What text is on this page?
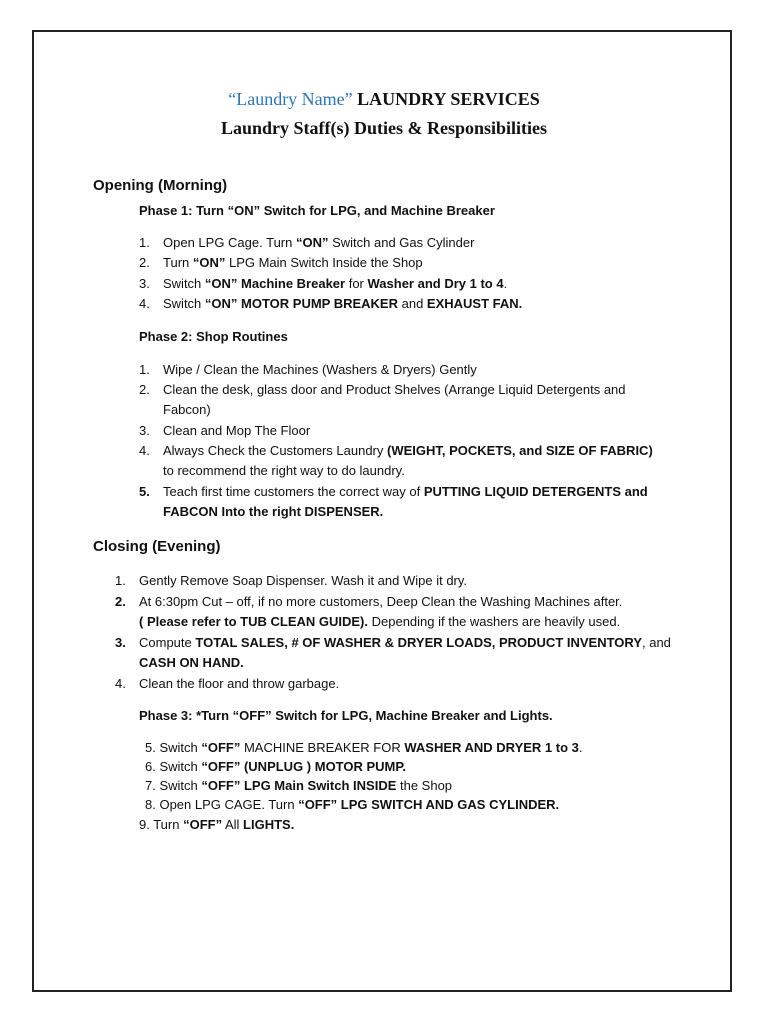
“Laundry Name” LAUNDRY SERVICES
Laundry Staff(s) Duties & Responsibilities
Opening (Morning)
Phase 1: Turn “ON” Switch for LPG, and Machine Breaker
1. Open LPG Cage. Turn “ON” Switch and Gas Cylinder
2. Turn “ON” LPG Main Switch Inside the Shop
3. Switch “ON” Machine Breaker for Washer and Dry 1 to 4.
4. Switch “ON” MOTOR PUMP BREAKER and EXHAUST FAN.
Phase 2: Shop Routines
1. Wipe / Clean the Machines (Washers & Dryers) Gently
2. Clean the desk, glass door and Product Shelves (Arrange Liquid Detergents and
Fabcon)
3. Clean and Mop The Floor
4. Always Check the Customers Laundry (WEIGHT, POCKETS, and SIZE OF FABRIC)
to recommend the right way to do laundry.
5. Teach first time customers the correct way of PUTTING LIQUID DETERGENTS and
FABCON Into the right DISPENSER.
Closing (Evening)
1. Gently Remove Soap Dispenser. Wash it and Wipe it dry.
2. At 6:30pm Cut – off, if no more customers, Deep Clean the Washing Machines after.
( Please refer to TUB CLEAN GUIDE). Depending if the washers are heavily used.
3. Compute TOTAL SALES, # OF WASHER & DRYER LOADS, PRODUCT INVENTORY, and
CASH ON HAND.
4. Clean the floor and throw garbage.
Phase 3: *Turn “OFF” Switch for LPG, Machine Breaker and Lights.
5. Switch “OFF” MACHINE BREAKER FOR WASHER AND DRYER 1 to 3.
6. Switch “OFF” (UNPLUG ) MOTOR PUMP.
7. Switch “OFF” LPG Main Switch INSIDE the Shop
8. Open LPG CAGE. Turn “OFF” LPG SWITCH AND GAS CYLINDER.
9. Turn “OFF” All LIGHTS.
